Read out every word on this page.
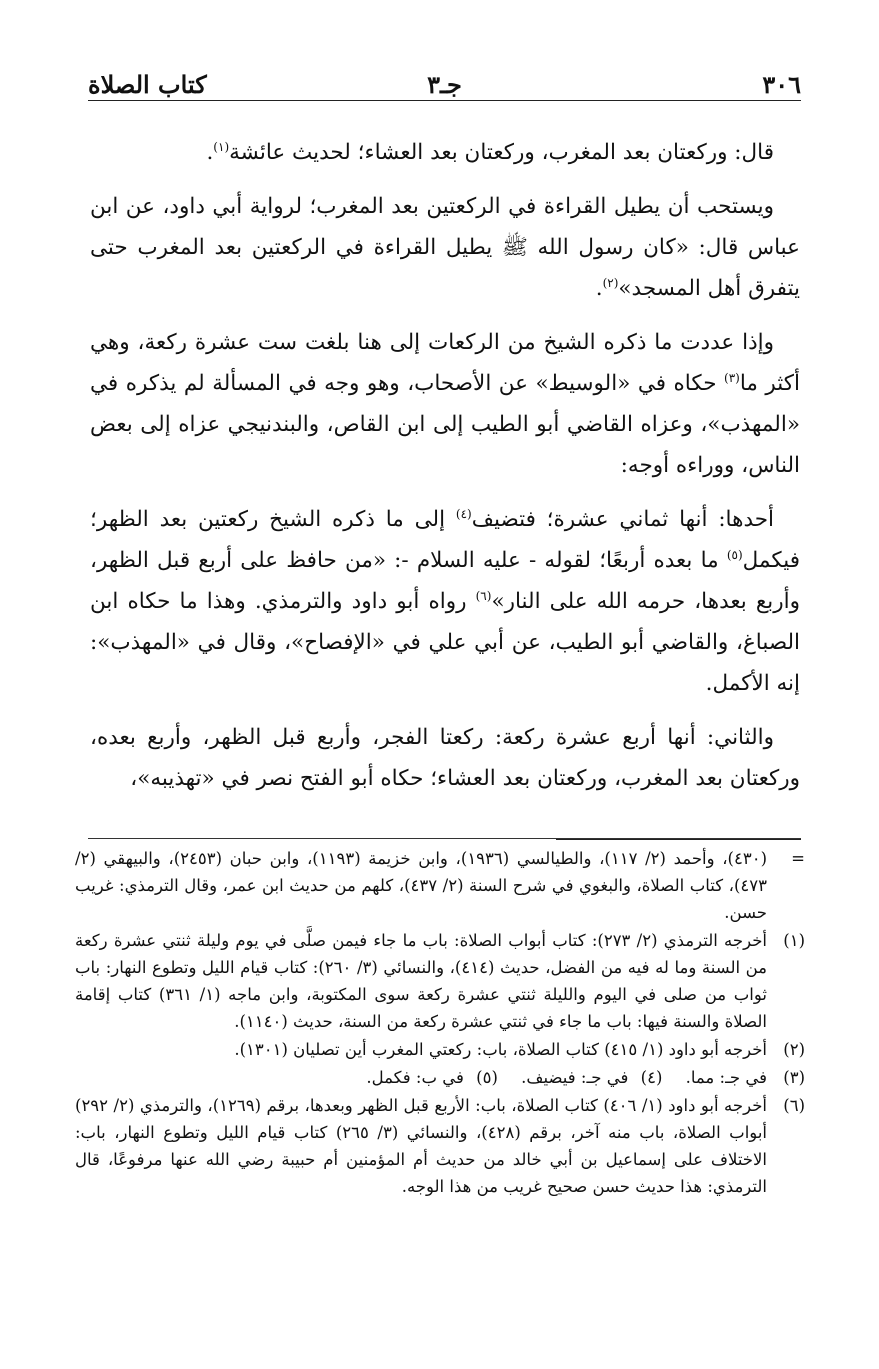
٣٠٦
جـ٣
كتاب الصلاة

قال: وركعتان بعد المغرب، وركعتان بعد العشاء؛ لحديث عائشة$^{(١)}$.

ويستحب أن يطيل القراءة في الركعتين بعد المغرب؛ لرواية أبي داود، عن ابن عباس قال: «كان رسول الله ﷺ يطيل القراءة في الركعتين بعد المغرب حتى يتفرق أهل المسجد»$^{(٢)}$.

وإذا عددت ما ذكره الشيخ من الركعات إلى هنا بلغت ست عشرة ركعة، وهي أكثر ما$^{(٣)}$ حكاه في «الوسيط» عن الأصحاب، وهو وجه في المسألة لم يذكره في «المهذب»، وعزاه القاضي أبو الطيب إلى ابن القاص، والبندنيجي عزاه إلى بعض الناس، ووراءه أوجه:

أحدها: أنها ثماني عشرة؛ فتضيف$^{(٤)}$ إلى ما ذكره الشيخ ركعتين بعد الظهر؛ فيكمل$^{(٥)}$ ما بعده أربعًا؛ لقوله - عليه السلام -: «من حافظ على أربع قبل الظهر، وأربع بعدها، حرمه الله على النار»$^{(٦)}$ رواه أبو داود والترمذي. وهذا ما حكاه ابن الصباغ، والقاضي أبو الطيب، عن أبي علي في «الإفصاح»، وقال في «المهذب»: إنه الأكمل.

والثاني: أنها أربع عشرة ركعة: ركعتا الفجر، وأربع قبل الظهر، وأربع بعده، وركعتان بعد المغرب، وركعتان بعد العشاء؛ حكاه أبو الفتح نصر في «تهذيبه»،

=
(٤٣٠)، وأحمد (٢/ ١١٧)، والطيالسي (١٩٣٦)، وابن خزيمة (١١٩٣)، وابن حبان (٢٤٥٣)، والبيهقي (٢/ ٤٧٣)، كتاب الصلاة، والبغوي في شرح السنة (٢/ ٤٣٧)، كلهم من حديث ابن عمر، وقال الترمذي: غريب حسن.
(١)
أخرجه الترمذي (٢/ ٢٧٣): كتاب أبواب الصلاة: باب ما جاء فيمن صلَّى في يوم وليلة ثنتي عشرة ركعة من السنة وما له فيه من الفضل، حديث (٤١٤)، والنسائي (٣/ ٢٦٠): كتاب قيام الليل وتطوع النهار: باب ثواب من صلى في اليوم والليلة ثنتي عشرة ركعة سوى المكتوبة، وابن ماجه (١/ ٣٦١) كتاب إقامة الصلاة والسنة فيها: باب ما جاء في ثنتي عشرة ركعة من السنة، حديث (١١٤٠).
(٢)
أخرجه أبو داود (١/ ٤١٥) كتاب الصلاة، باب: ركعتي المغرب أين تصليان (١٣٠١).
(٣)
في جـ: مما. (٤)في جـ: فيضيف. (٥)في ب: فكمل.
(٦)
أخرجه أبو داود (١/ ٤٠٦) كتاب الصلاة، باب: الأربع قبل الظهر وبعدها، برقم (١٢٦٩)، والترمذي (٢/ ٢٩٢) أبواب الصلاة، باب منه آخر، برقم (٤٢٨)، والنسائي (٣/ ٢٦٥) كتاب قيام الليل وتطوع النهار، باب: الاختلاف على إسماعيل بن أبي خالد من حديث أم المؤمنين أم حبيبة رضي الله عنها مرفوعًا، قال الترمذي: هذا حديث حسن صحيح غريب من هذا الوجه.
